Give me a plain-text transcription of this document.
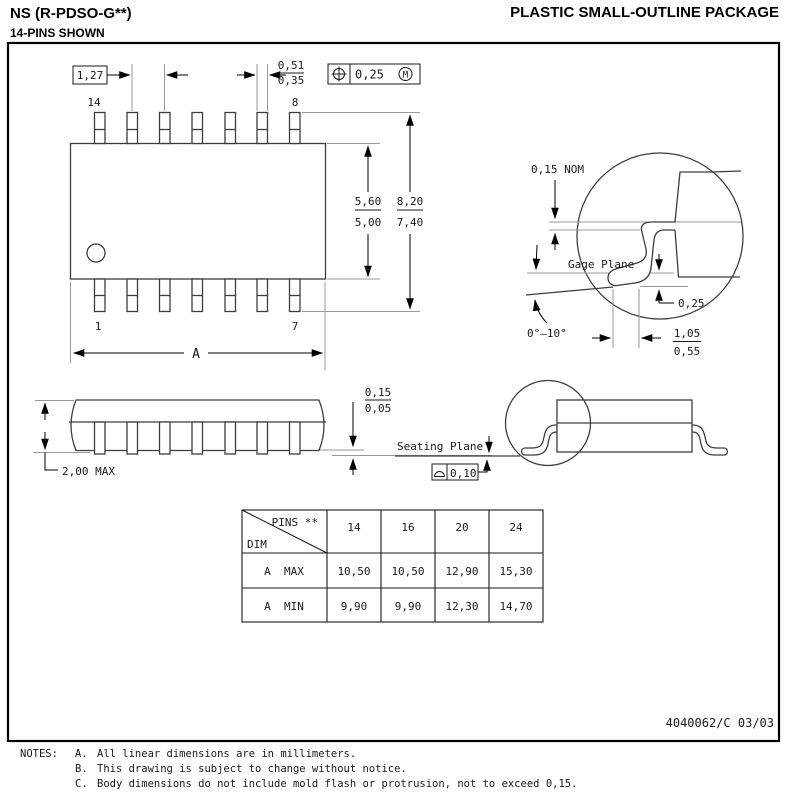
NS (R-PDSO-G**)
14-PINS SHOWN
PLASTIC SMALL-OUTLINE PACKAGE
14	8
1	7
1,27
0,51
0,35	0,25 M
5,60
5,00
8,20
7,40
A
0,15 NOM
Gage Plane
0,25
0°–10°	1,05
0,55
2,00 MAX
0,15
0,05
Seating Plane
0,10
PINS **
DIM
14	16	20	24
A  MAX	10,50 10,50 12,90 15,30
A  MIN	9,90	9,90 12,30 14,70
4040062/C 03/03
NOTES: A. All linear dimensions are in millimeters.
B. This drawing is subject to change without notice.
C. Body dimensions do not include mold flash or protrusion, not to exceed 0,15.
